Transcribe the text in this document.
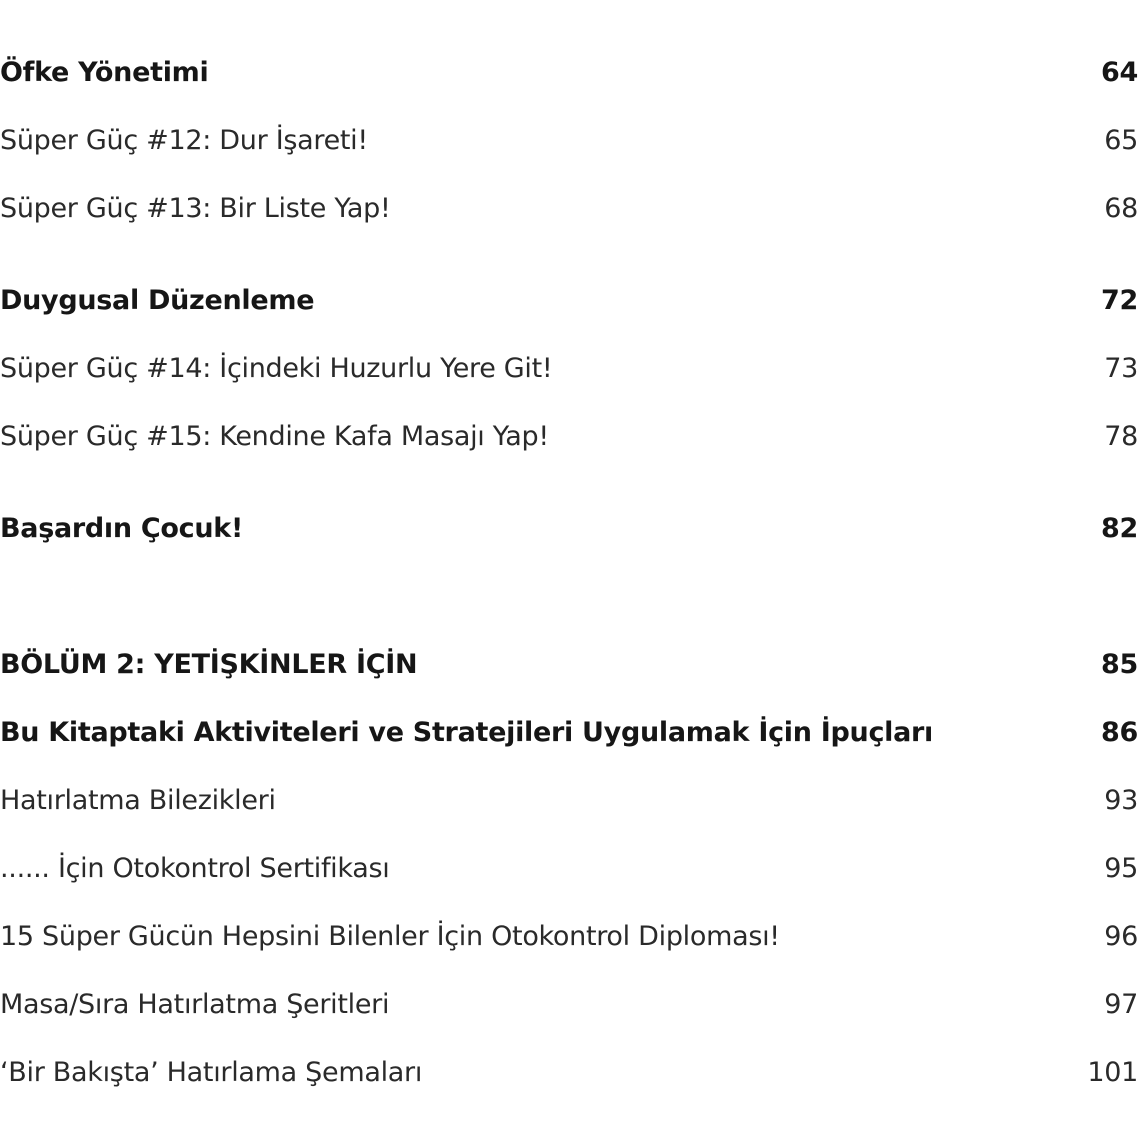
Öfke Yönetimi	64
Süper Güç #12: Dur İşareti!	65
Süper Güç #13: Bir Liste Yap!	68
Duygusal Düzenleme	72
Süper Güç #14: İçindeki Huzurlu Yere Git!	73
Süper Güç #15: Kendine Kafa Masajı Yap!	78
Başardın Çocuk!	82
BÖLÜM 2: YETİŞKİNLER İÇİN	85
Bu Kitaptaki Aktiviteleri ve Stratejileri Uygulamak İçin İpuçları	86
Hatırlatma Bilezikleri	93
...... İçin Otokontrol Sertifikası	95
15 Süper Gücün Hepsini Bilenler İçin Otokontrol Diploması!	96
Masa/Sıra Hatırlatma Şeritleri	97
‘Bir Bakışta’ Hatırlama Şemaları	101
